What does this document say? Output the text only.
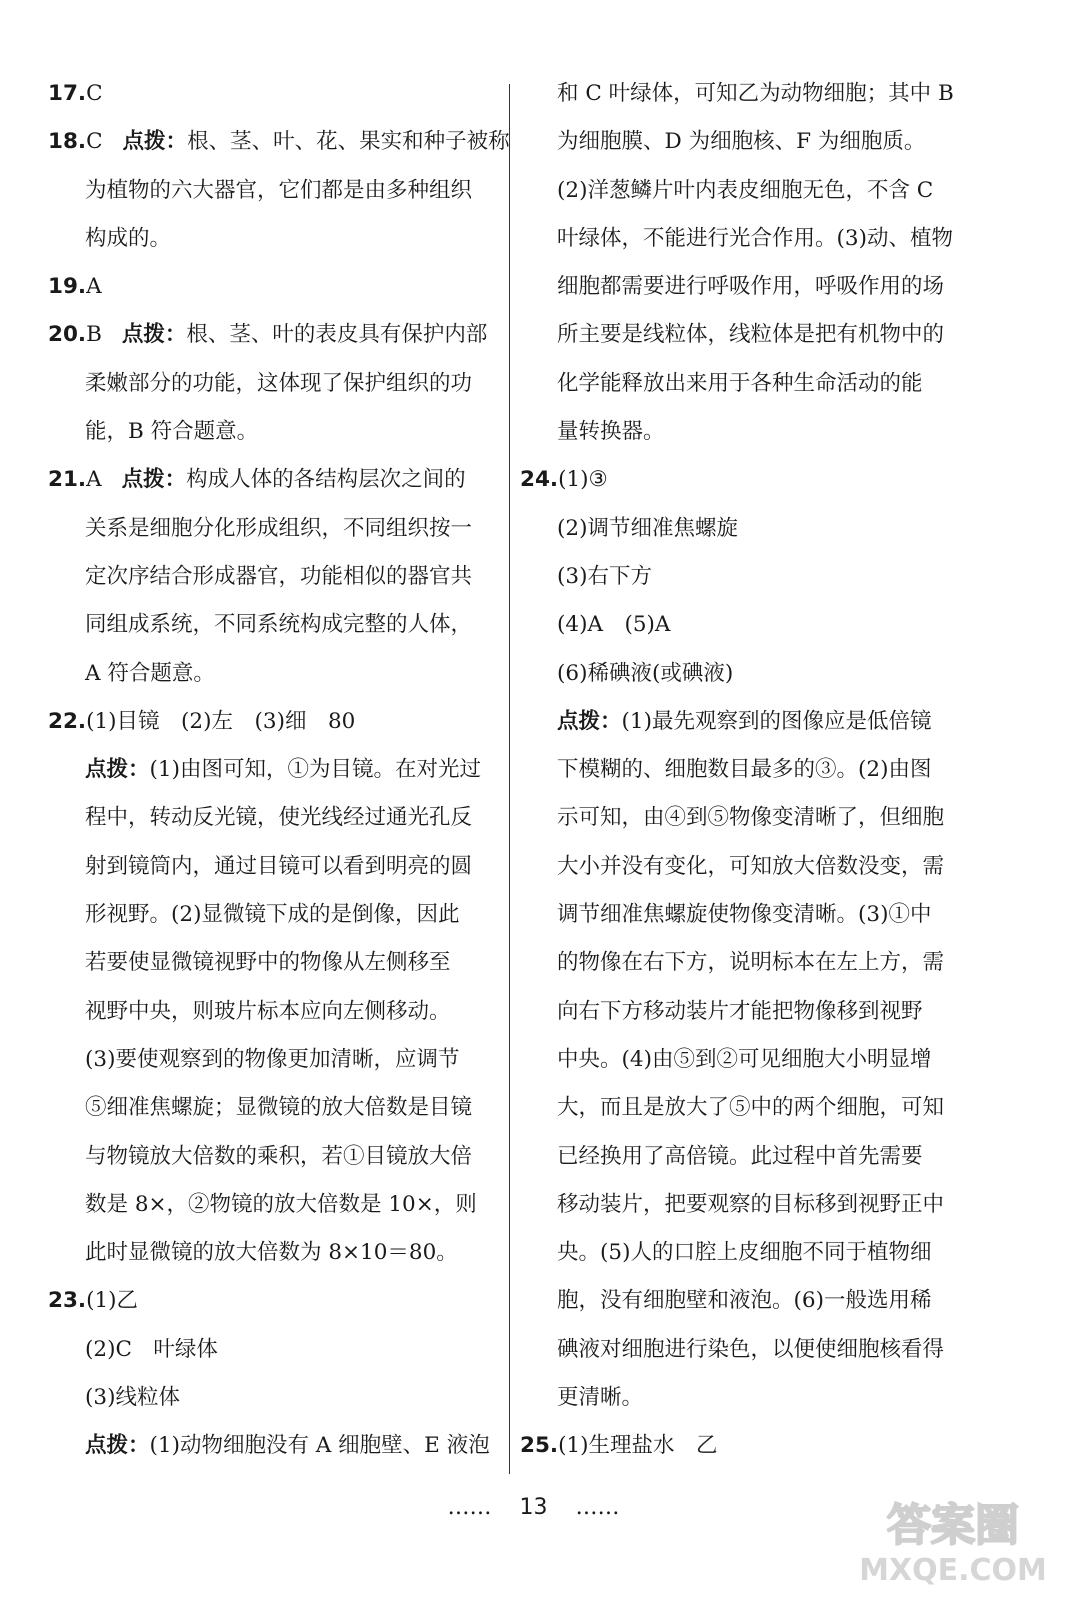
17.C
18.C 点拨：根、茎、叶、花、果实和种子被称
为植物的六大器官，它们都是由多种组织
构成的。
19.A
20.B 点拨：根、茎、叶的表皮具有保护内部
柔嫩部分的功能，这体现了保护组织的功
能，B 符合题意。
21.A 点拨：构成人体的各结构层次之间的
关系是细胞分化形成组织，不同组织按一
定次序结合形成器官，功能相似的器官共
同组成系统，不同系统构成完整的人体，
A 符合题意。
22.(1)目镜　(2)左　(3)细　80
点拨：(1)由图可知，①为目镜。在对光过
程中，转动反光镜，使光线经过通光孔反
射到镜筒内，通过目镜可以看到明亮的圆
形视野。(2)显微镜下成的是倒像，因此
若要使显微镜视野中的物像从左侧移至
视野中央，则玻片标本应向左侧移动。
(3)要使观察到的物像更加清晰，应调节
⑤细准焦螺旋；显微镜的放大倍数是目镜
与物镜放大倍数的乘积，若①目镜放大倍
数是 8×，②物镜的放大倍数是 10×，则
此时显微镜的放大倍数为 8×10＝80。
23.(1)乙
(2)C　叶绿体
(3)线粒体
点拨：(1)动物细胞没有 A 细胞壁、E 液泡
和 C 叶绿体，可知乙为动物细胞；其中 B
为细胞膜、D 为细胞核、F 为细胞质。
(2)洋葱鳞片叶内表皮细胞无色，不含 C
叶绿体，不能进行光合作用。(3)动、植物
细胞都需要进行呼吸作用，呼吸作用的场
所主要是线粒体，线粒体是把有机物中的
化学能释放出来用于各种生命活动的能
量转换器。
24.(1)③
(2)调节细准焦螺旋
(3)右下方
(4)A　(5)A
(6)稀碘液(或碘液)
点拨：(1)最先观察到的图像应是低倍镜
下模糊的、细胞数目最多的③。(2)由图
示可知，由④到⑤物像变清晰了，但细胞
大小并没有变化，可知放大倍数没变，需
调节细准焦螺旋使物像变清晰。(3)①中
的物像在右下方，说明标本在左上方，需
向右下方移动装片才能把物像移到视野
中央。(4)由⑤到②可见细胞大小明显增
大，而且是放大了⑤中的两个细胞，可知
已经换用了高倍镜。此过程中首先需要
移动装片，把要观察的目标移到视野正中
央。(5)人的口腔上皮细胞不同于植物细
胞，没有细胞壁和液泡。(6)一般选用稀
碘液对细胞进行染色，以便使细胞核看得
更清晰。
25.(1)生理盐水　乙
…… 13 ……	答案圈
MXQE.COM
